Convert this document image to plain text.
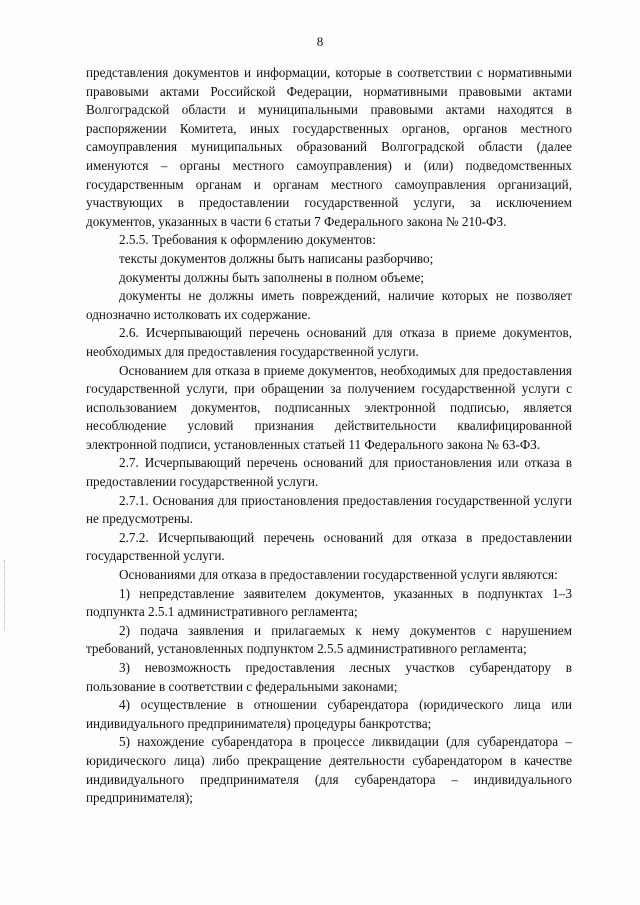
8

представления документов и информации, которые в соответствии с нормативными правовыми актами Российской Федерации, нормативными правовыми актами Волгоградской области и муниципальными правовыми актами находятся в распоряжении Комитета, иных государственных органов, органов местного самоуправления муниципальных образований Волгоградской области (далее именуются – органы местного самоуправления) и (или) подведомственных государственным органам и органам местного самоуправления организаций, участвующих в предоставлении государственной услуги, за исключением документов, указанных в части 6 статьи 7 Федерального закона № 210-ФЗ.

2.5.5. Требования к оформлению документов:

тексты документов должны быть написаны разборчиво;

документы должны быть заполнены в полном объеме;

документы не должны иметь повреждений, наличие которых не позволяет однозначно истолковать их содержание.

2.6. Исчерпывающий перечень оснований для отказа в приеме документов, необходимых для предоставления государственной услуги.

Основанием для отказа в приеме документов, необходимых для предоставления государственной услуги, при обращении за получением государственной услуги с использованием документов, подписанных электронной подписью, является несоблюдение условий признания действительности квалифицированной электронной подписи, установленных статьей 11 Федерального закона № 63-ФЗ.

2.7. Исчерпывающий перечень оснований для приостановления или отказа в предоставлении государственной услуги.

2.7.1. Основания для приостановления предоставления государственной услуги не предусмотрены.

2.7.2. Исчерпывающий перечень оснований для отказа в предоставлении государственной услуги.

Основаниями для отказа в предоставлении государственной услуги являются:

1) непредставление заявителем документов, указанных в подпунктах 1–3 подпункта 2.5.1 административного регламента;

2) подача заявления и прилагаемых к нему документов с нарушением требований, установленных подпунктом 2.5.5 административного регламента;

3) невозможность предоставления лесных участков субарендатору в пользование в соответствии с федеральными законами;

4) осуществление в отношении субарендатора (юридического лица или индивидуального предпринимателя) процедуры банкротства;

5) нахождение субарендатора в процессе ликвидации (для субарендатора – юридического лица) либо прекращение деятельности субарендатором в качестве индивидуального предпринимателя (для субарендатора – индивидуального предпринимателя);
